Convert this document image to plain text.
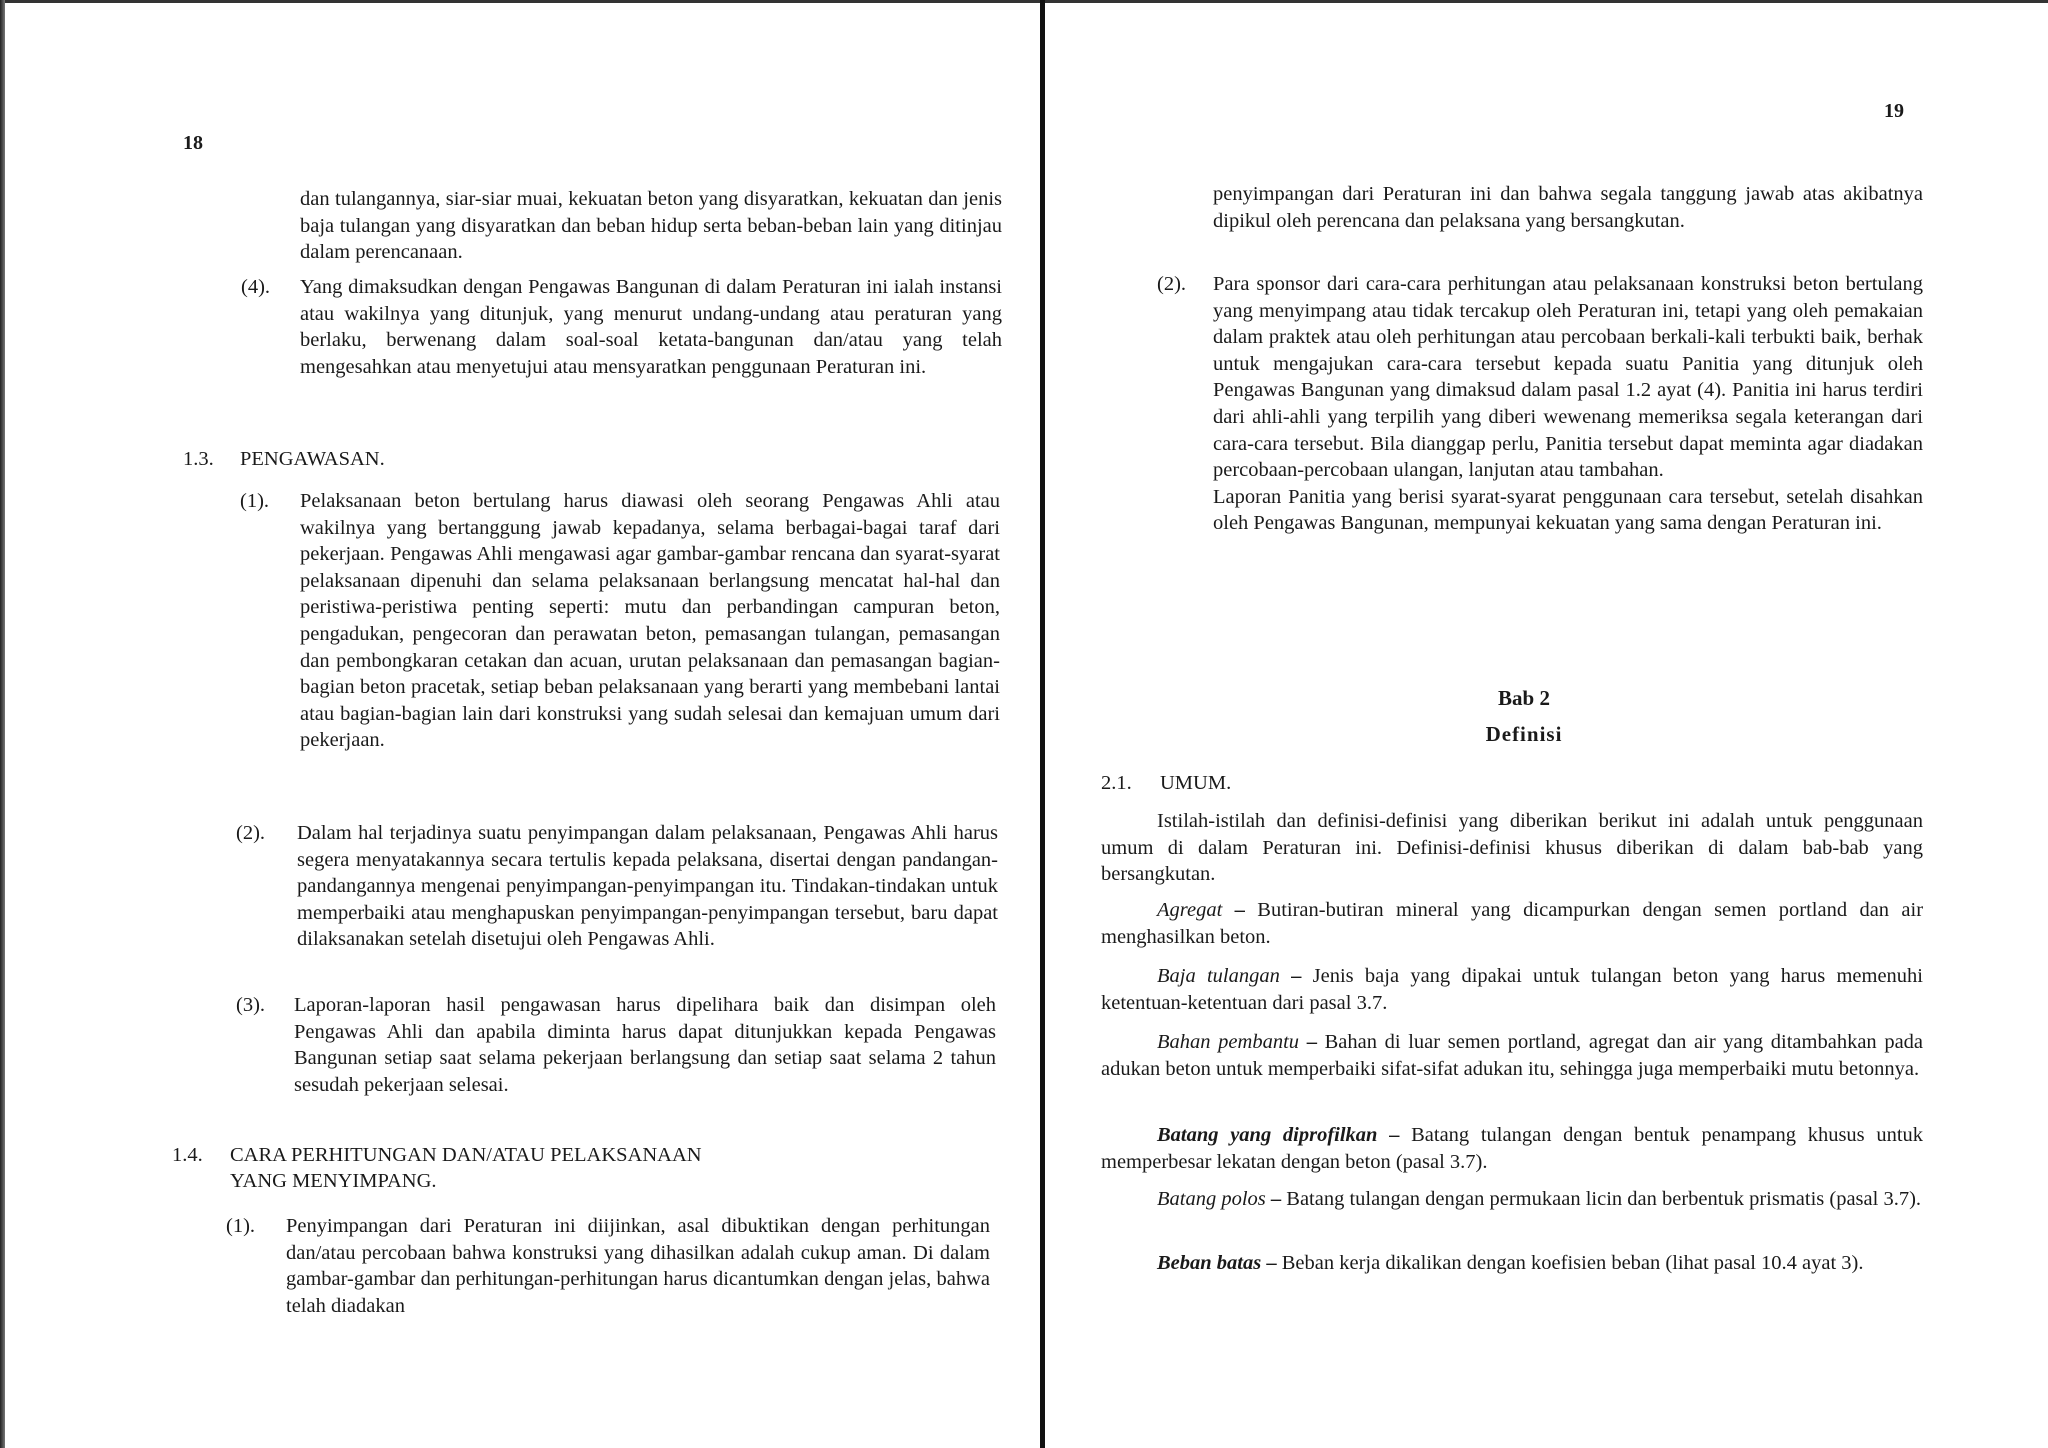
18
dan tulangannya, siar-siar muai, kekuatan beton yang disyaratkan, kekuatan dan jenis baja tulangan yang disyaratkan dan beban hidup serta beban-beban lain yang ditinjau dalam perencanaan.
(4). Yang dimaksudkan dengan Pengawas Bangunan di dalam Peraturan ini ialah instansi atau wakilnya yang ditunjuk, yang menurut undang-undang atau peraturan yang berlaku, berwenang dalam soal-soal ketata-bangunan dan/atau yang telah mengesahkan atau menyetujui atau mensyaratkan penggunaan Peraturan ini.
1.3. PENGAWASAN.
(1). Pelaksanaan beton bertulang harus diawasi oleh seorang Pengawas Ahli atau wakilnya yang bertanggung jawab kepadanya, selama berbagai-bagai taraf dari pekerjaan. Pengawas Ahli mengawasi agar gambar-gambar rencana dan syarat-syarat pelaksanaan dipenuhi dan selama pelaksanaan berlangsung mencatat hal-hal dan peristiwa-peristiwa penting seperti: mutu dan perbandingan campuran beton, pengadukan, pengecoran dan perawatan beton, pemasangan tulangan, pemasangan dan pembongkaran cetakan dan acuan, urutan pelaksanaan dan pemasangan bagian-bagian beton pracetak, setiap beban pelaksanaan yang berarti yang membebani lantai atau bagian-bagian lain dari konstruksi yang sudah selesai dan kemajuan umum dari pekerjaan.
(2). Dalam hal terjadinya suatu penyimpangan dalam pelaksanaan, Pengawas Ahli harus segera menyatakannya secara tertulis kepada pelaksana, disertai dengan pandangan-pandangannya mengenai penyimpangan-penyimpangan itu. Tindakan-tindakan untuk memperbaiki atau menghapuskan penyimpangan-penyimpangan tersebut, baru dapat dilaksanakan setelah disetujui oleh Pengawas Ahli.
(3). Laporan-laporan hasil pengawasan harus dipelihara baik dan disimpan oleh Pengawas Ahli dan apabila diminta harus dapat ditunjukkan kepada Pengawas Bangunan setiap saat selama pekerjaan berlangsung dan setiap saat selama 2 tahun sesudah pekerjaan selesai.
1.4. CARA PERHITUNGAN DAN/ATAU PELAKSANAAN
YANG MENYIMPANG.
(1). Penyimpangan dari Peraturan ini diijinkan, asal dibuktikan dengan perhitungan dan/atau percobaan bahwa konstruksi yang dihasilkan adalah cukup aman. Di dalam gambar-gambar dan perhitungan-perhitungan harus dicantumkan dengan jelas, bahwa telah diadakan
19
penyimpangan dari Peraturan ini dan bahwa segala tanggung jawab atas akibatnya dipikul oleh perencana dan pelaksana yang bersangkutan.
(2). Para sponsor dari cara-cara perhitungan atau pelaksanaan konstruksi beton bertulang yang menyimpang atau tidak tercakup oleh Peraturan ini, tetapi yang oleh pemakaian dalam praktek atau oleh perhitungan atau percobaan berkali-kali terbukti baik, berhak untuk mengajukan cara-cara tersebut kepada suatu Panitia yang ditunjuk oleh Pengawas Bangunan yang dimaksud dalam pasal 1.2 ayat (4). Panitia ini harus terdiri dari ahli-ahli yang terpilih yang diberi wewenang memeriksa segala keterangan dari cara-cara tersebut. Bila dianggap perlu, Panitia tersebut dapat meminta agar diadakan percobaan-percobaan ulangan, lanjutan atau tambahan.

Laporan Panitia yang berisi syarat-syarat penggunaan cara tersebut, setelah disahkan oleh Pengawas Bangunan, mempunyai kekuatan yang sama dengan Peraturan ini.

Bab 2
Definisi
2.1. UMUM.
Istilah-istilah dan definisi-definisi yang diberikan berikut ini adalah untuk penggunaan umum di dalam Peraturan ini. Definisi-definisi khusus diberikan di dalam bab-bab yang bersangkutan.
Agregat – Butiran-butiran mineral yang dicampurkan dengan semen portland dan air menghasilkan beton.
Baja tulangan – Jenis baja yang dipakai untuk tulangan beton yang harus memenuhi ketentuan-ketentuan dari pasal 3.7.
Bahan pembantu – Bahan di luar semen portland, agregat dan air yang ditambahkan pada adukan beton untuk memperbaiki sifat-sifat adukan itu, sehingga juga memperbaiki mutu betonnya.
Batang yang diprofilkan – Batang tulangan dengan bentuk penampang khusus untuk memperbesar lekatan dengan beton (pasal 3.7).
Batang polos – Batang tulangan dengan permukaan licin dan berbentuk prismatis (pasal 3.7).
Beban batas – Beban kerja dikalikan dengan koefisien beban (lihat pasal 10.4 ayat 3).
